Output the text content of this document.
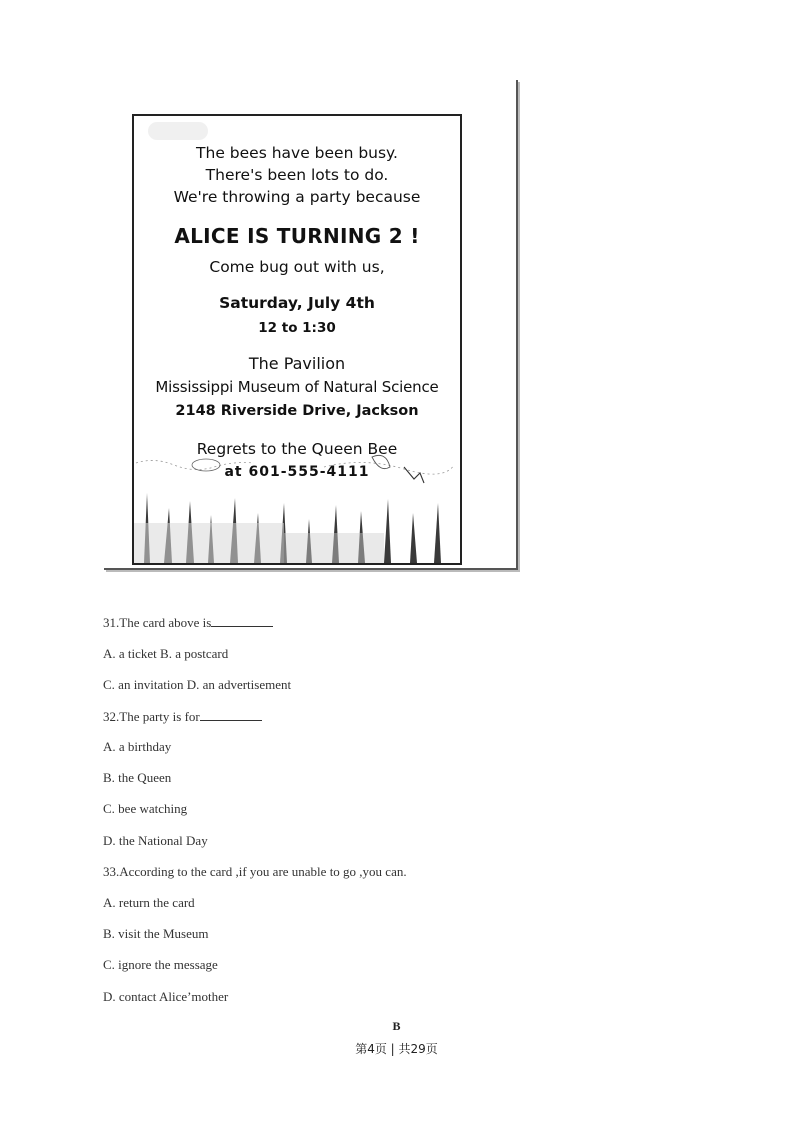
The bees have been busy.
There's been lots to do.
We're throwing a party because
ALICE IS TURNING 2 !
Come bug out with us,
Saturday, July 4th
12 to 1:30
The Pavilion
Mississippi Museum of Natural Science
2148 Riverside Drive, Jackson
Regrets to the Queen Bee
at 601-555-4111
31.The card above is
A. a ticket B. a postcard
C. an invitation D. an advertisement
32.The party is for
A. a birthday
B. the Queen
C. bee watching
D. the National Day
33.According to the card ,if you are unable to go ,you can.
A. return the card
B. visit the Museum
C. ignore the message
D. contact Alice’mother
B
第4页 | 共29页
